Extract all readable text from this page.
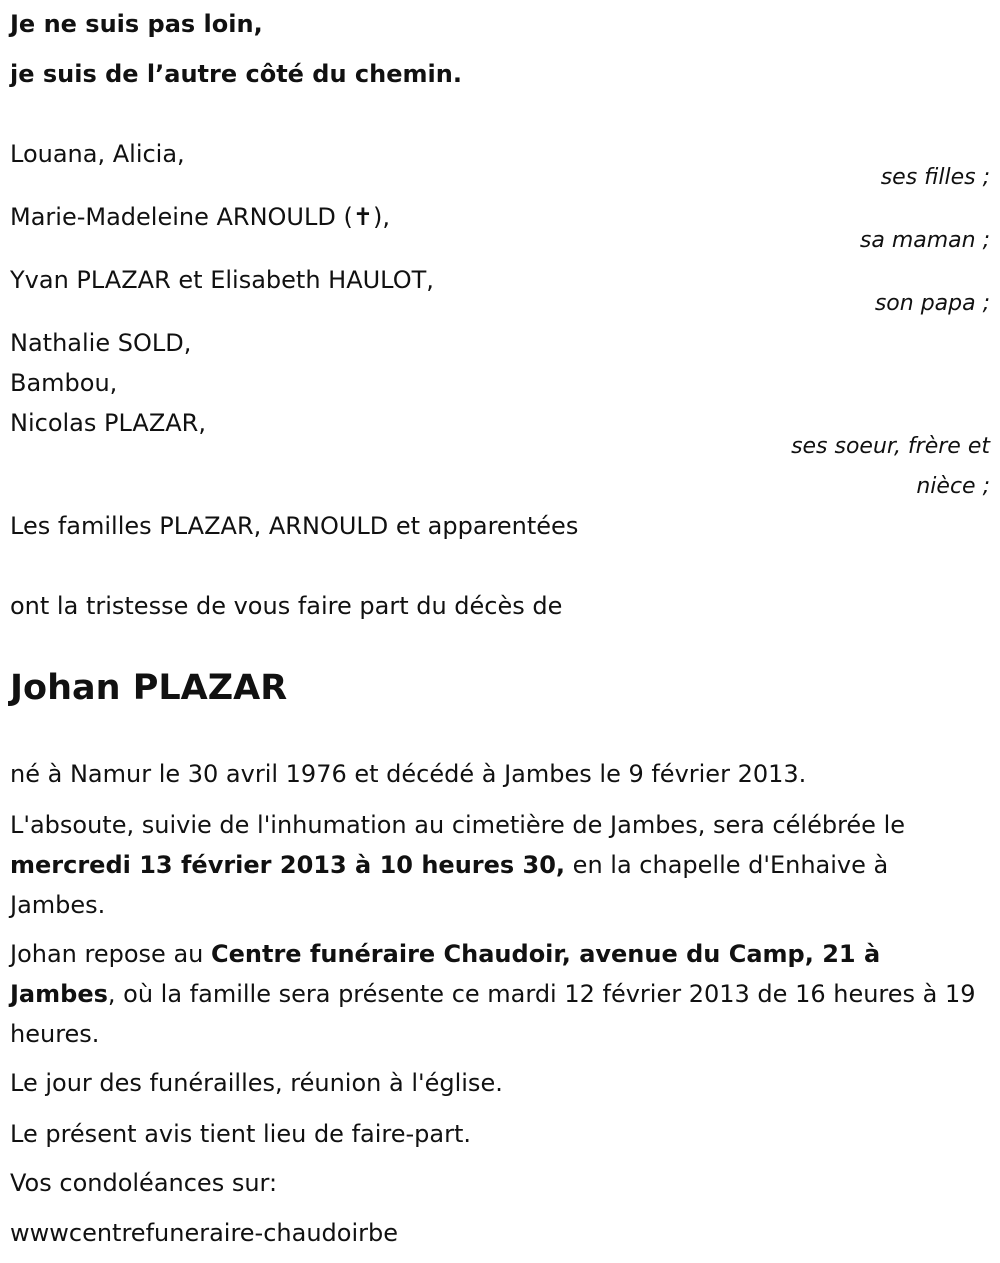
Je ne suis pas loin,
je suis de l’autre côté du chemin.
Louana, Alicia,
ses filles ;
Marie-Madeleine ARNOULD (✝),
sa maman ;
Yvan PLAZAR et Elisabeth HAULOT,
son papa ;
Nathalie SOLD,
Bambou,
Nicolas PLAZAR,
ses soeur, frère et
nièce ;
Les familles PLAZAR, ARNOULD et apparentées
ont la tristesse de vous faire part du décès de
Johan PLAZAR
né à Namur le 30 avril 1976 et décédé à Jambes le 9 février 2013.
L'absoute, suivie de l'inhumation au cimetière de Jambes, sera célébrée le mercredi 13 février 2013 à 10 heures 30, en la chapelle d'Enhaive à Jambes.
Johan repose au Centre funéraire Chaudoir, avenue du Camp, 21 à Jambes, où la famille sera présente ce mardi 12 février 2013 de 16 heures à 19 heures.
Le jour des funérailles, réunion à l'église.
Le présent avis tient lieu de faire-part.
Vos condoléances sur:
wwwcentrefuneraire-chaudoirbe
